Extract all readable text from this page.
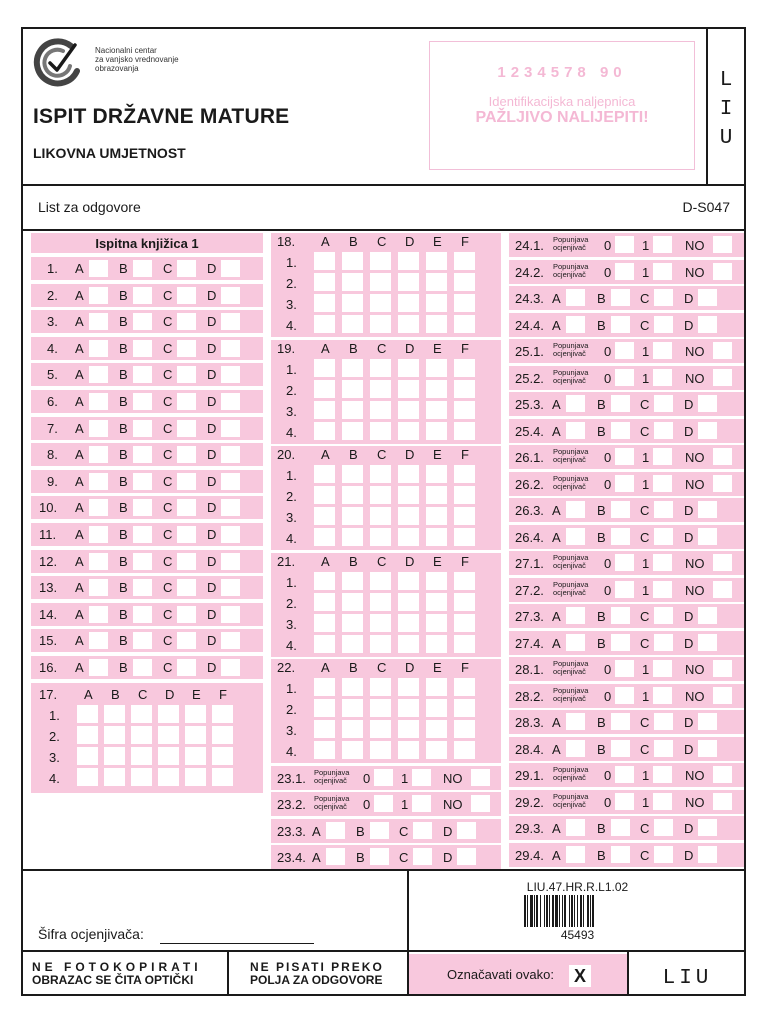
Nacionalni centar
za vanjsko vrednovanje
obrazovanja
ISPIT DRŽAVNE MATURE
LIKOVNA UMJETNOST
1234578 90
Identifikacijska naljepnica
PAŽLJIVO NALIJEPITI!
L
I
U
List za odgovore	D-S047
Ispitna knjižica 1
1. A	B	C	D
2. A	B	C	D
3. A	B	C	D
4. A	B	C	D
5. A	B	C	D
6. A	B	C	D
7. A	B	C	D
8. A	B	C	D
9. A	B	C	D
10. A	B	C	D
11. A	B	C	D
12. A	B	C	D
13. A	B	C	D
14. A	B	C	D
15. A	B	C	D
16. A	B	C	D
17. A B C D E F
1.
2.
3.
4.
18. A B C D E F
1.
2.
3.
4.
19. A B C D E F
1.
2.
3.
4.
20. A B C D E F
1.
2.
3.
4.
21. A B C D E F
1.
2.
3.
4.
22. A B C D E F
1.
2.
3.
4.
23.1. Popunjava
ocjenjivač 0 1	NO
23.2. Popunjava
ocjenjivač 0 1	NO
23.3. A	B	C	D
23.4. A	B	C	D
24.1. Popunjava
ocjenjivač 0 1	NO
24.2. Popunjava
ocjenjivač 0 1	NO
24.3. A	B	C	D
24.4. A	B	C	D
25.1. Popunjava
ocjenjivač 0 1	NO
25.2. Popunjava
ocjenjivač 0 1	NO
25.3. A	B	C	D
25.4. A	B	C	D
26.1. Popunjava
ocjenjivač 0 1	NO
26.2. Popunjava
ocjenjivač 0 1	NO
26.3. A	B	C	D
26.4. A	B	C	D
27.1. Popunjava
ocjenjivač 0 1	NO
27.2. Popunjava
ocjenjivač 0 1	NO
27.3. A	B	C	D
27.4. A	B	C	D
28.1. Popunjava
ocjenjivač 0 1	NO
28.2. Popunjava
ocjenjivač 0 1	NO
28.3. A	B	C	D
28.4. A	B	C	D
29.1. Popunjava
ocjenjivač 0 1	NO
29.2. Popunjava
ocjenjivač 0 1	NO
29.3. A	B	C	D
29.4. A	B	C	D
Šifra ocjenjivača:
LIU.47.HR.R.L1.02
45493
NE FOTOKOPIRATI
OBRAZAC SE ČITA OPTIČKI
NE PISATI PREKO
POLJA ZA ODGOVORE	Označavati ovako: X	LIU
